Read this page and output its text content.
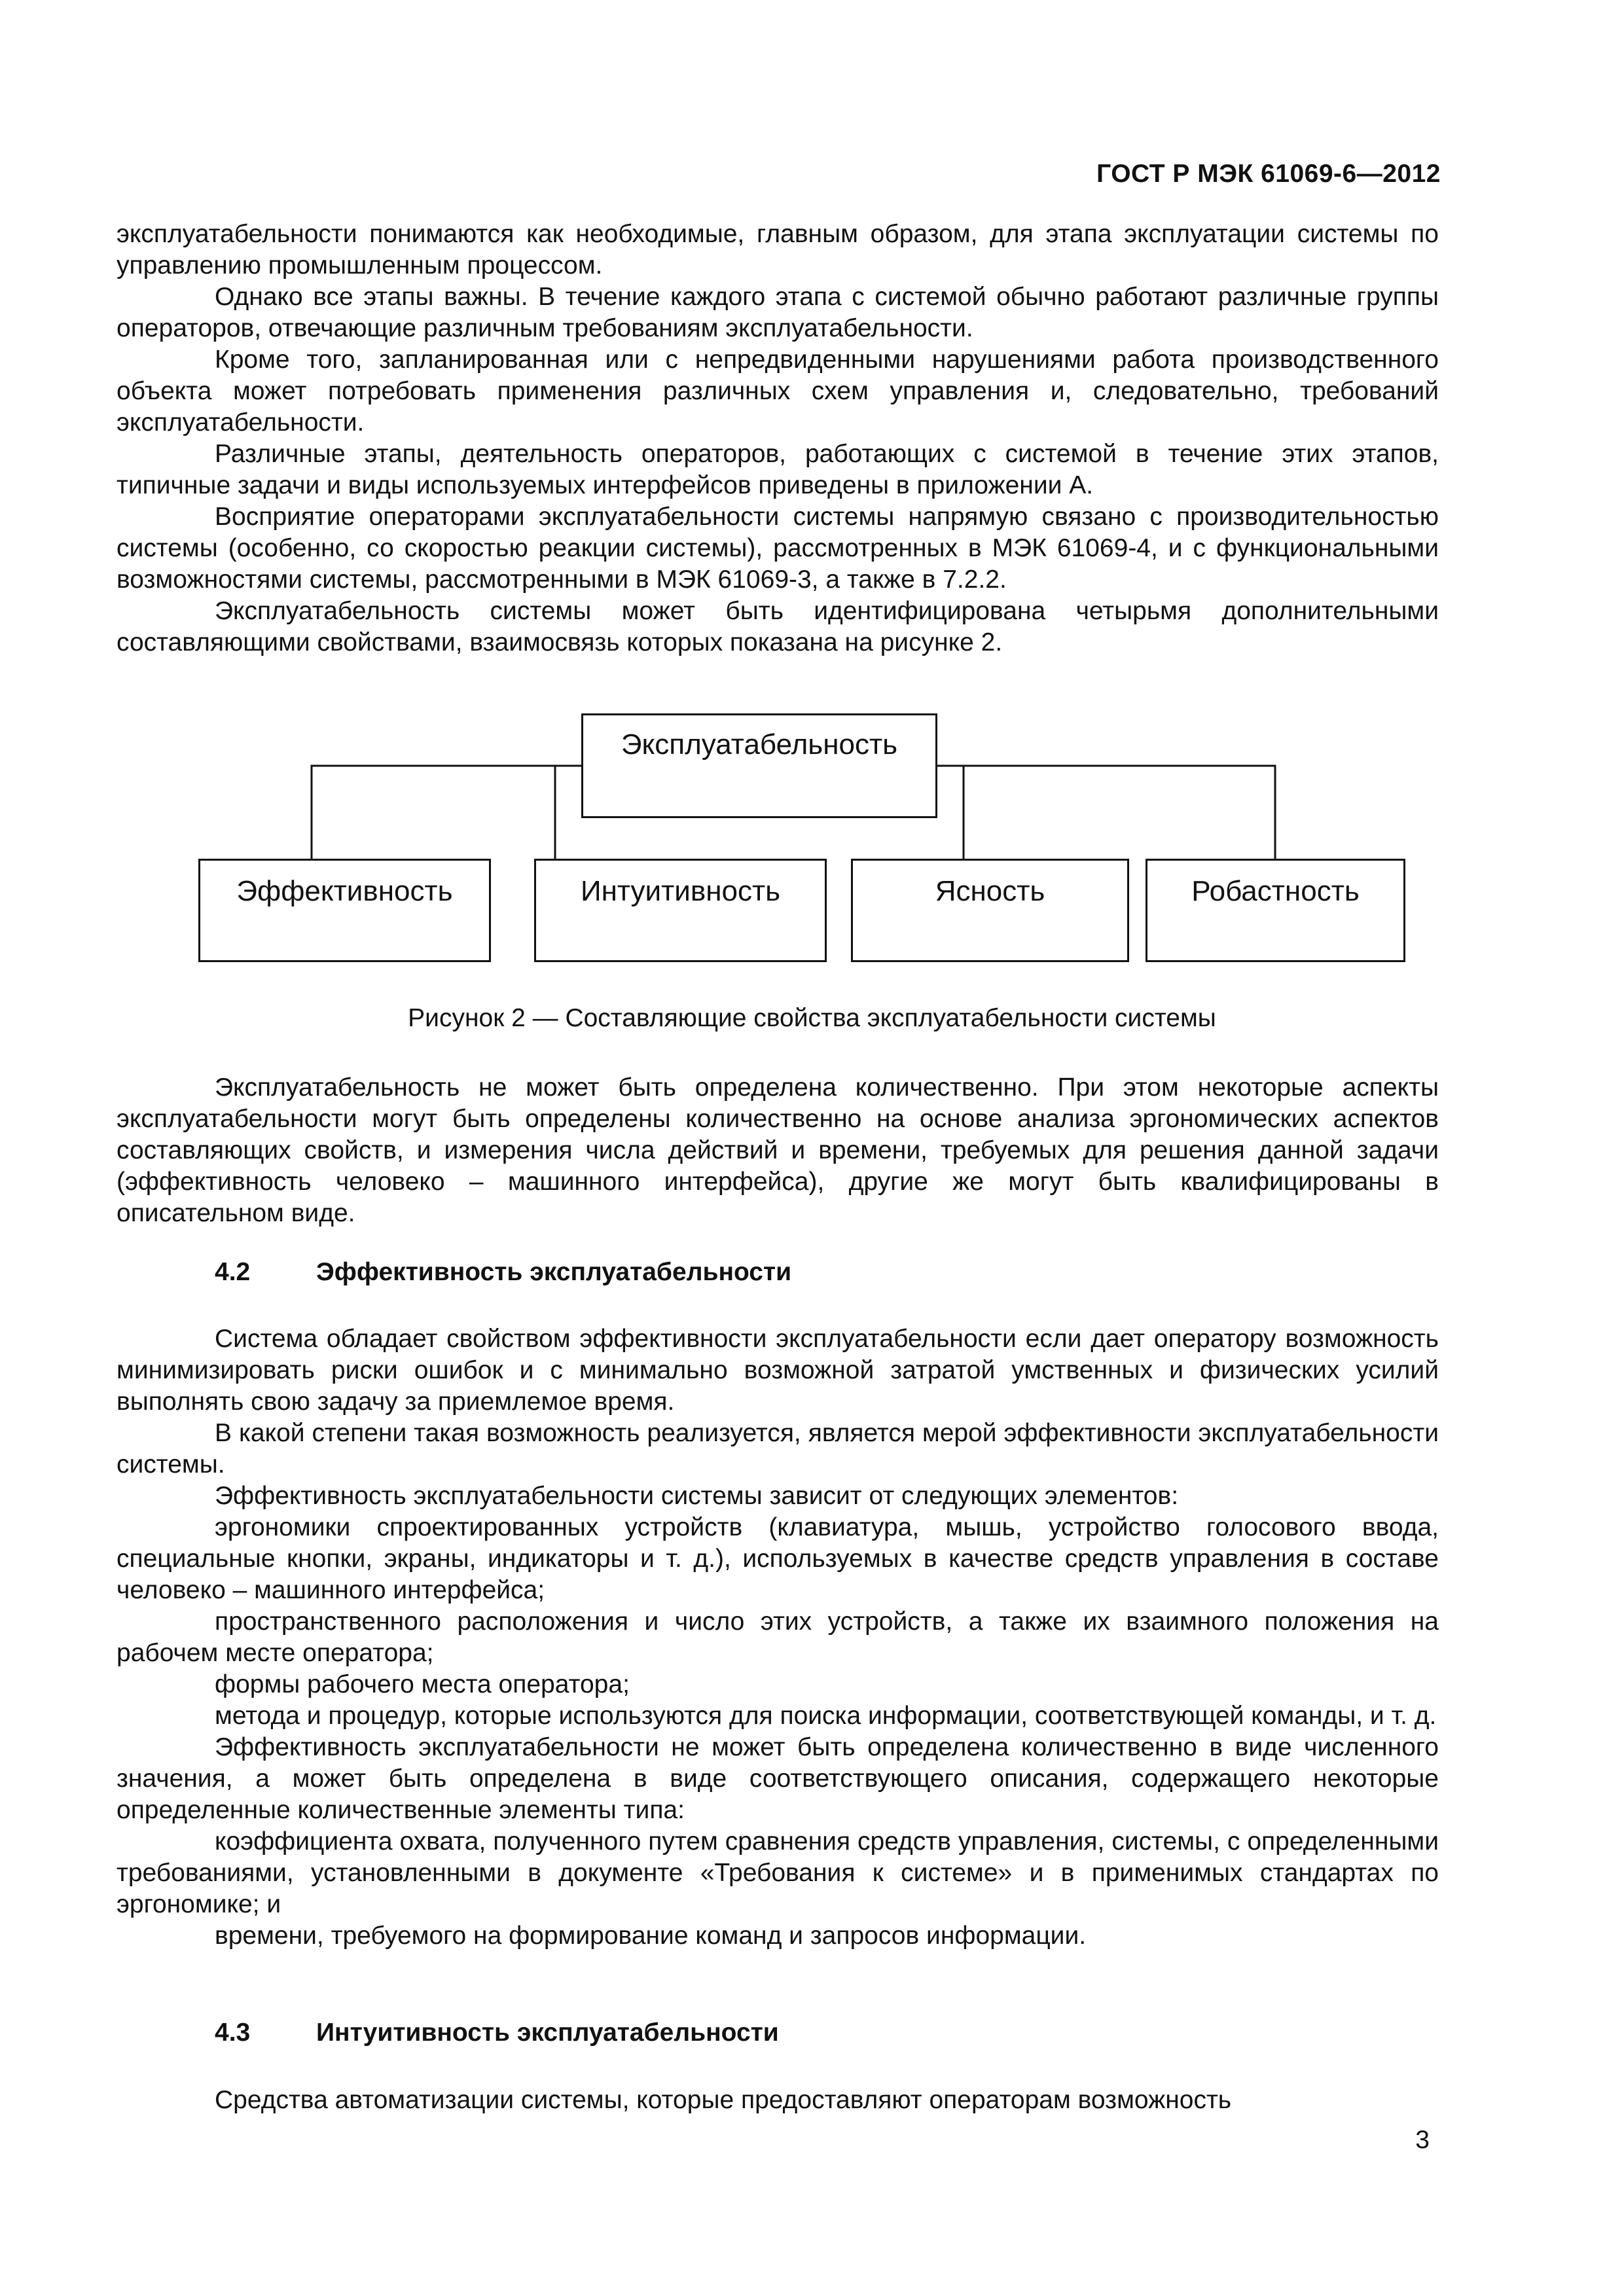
ГОСТ Р МЭК 61069-6—2012

эксплуатабельности понимаются как необходимые, главным образом, для этапа эксплуатации системы по управлению промышленным процессом.

Однако все этапы важны. В течение каждого этапа с системой обычно работают различные группы операторов, отвечающие различным требованиям эксплуатабельности.

Кроме того, запланированная или с непредвиденными нарушениями работа производственного объекта может потребовать применения различных схем управления и, следовательно, требований эксплуатабельности.

Различные этапы, деятельность операторов, работающих с системой в течение этих этапов, типичные задачи и виды используемых интерфейсов приведены в приложении А.

Восприятие операторами эксплуатабельности системы напрямую связано с производительностью системы (особенно, со скоростью реакции системы), рассмотренных в МЭК 61069-4, и с функциональными возможностями системы, рассмотренными в МЭК 61069-3, а также в 7.2.2.

Эксплуатабельность системы может быть идентифицирована четырьмя дополнительными составляющими свойствами, взаимосвязь которых показана на рисунке 2.

Эксплуатабельность
Эффективность	Интуитивность	Ясность	Робастность
Рисунок 2 — Составляющие свойства эксплуатабельности системы

Эксплуатабельность не может быть определена количественно. При этом некоторые аспекты эксплуатабельности могут быть определены количественно на основе анализа эргономических аспектов составляющих свойств, и измерения числа действий и времени, требуемых для решения данной задачи (эффективность человеко – машинного интерфейса), другие же могут быть квалифицированы в описательном виде.

4.2	Эффективность эксплуатабельности

Система обладает свойством эффективности эксплуатабельности если дает оператору возможность минимизировать риски ошибок и с минимально возможной затратой умственных и физических усилий выполнять свою задачу за приемлемое время.

В какой степени такая возможность реализуется, является мерой эффективности эксплуатабельности системы.

Эффективность эксплуатабельности системы зависит от следующих элементов:

эргономики спроектированных устройств (клавиатура, мышь, устройство голосового ввода, специальные кнопки, экраны, индикаторы и т. д.), используемых в качестве средств управления в составе человеко – машинного интерфейса;

пространственного расположения и число этих устройств, а также их взаимного положения на рабочем месте оператора;

формы рабочего места оператора;

метода и процедур, которые используются для поиска информации, соответствующей команды, и т. д.

Эффективность эксплуатабельности не может быть определена количественно в виде численного значения, а может быть определена в виде соответствующего описания, содержащего некоторые определенные количественные элементы типа:

коэффициента охвата, полученного путем сравнения средств управления, системы, с определенными требованиями, установленными в документе «Требования к системе» и в применимых стандартах по эргономике; и

времени, требуемого на формирование команд и запросов информации.

4.3	Интуитивность эксплуатабельности

Средства автоматизации системы, которые предоставляют операторам возможность

3
